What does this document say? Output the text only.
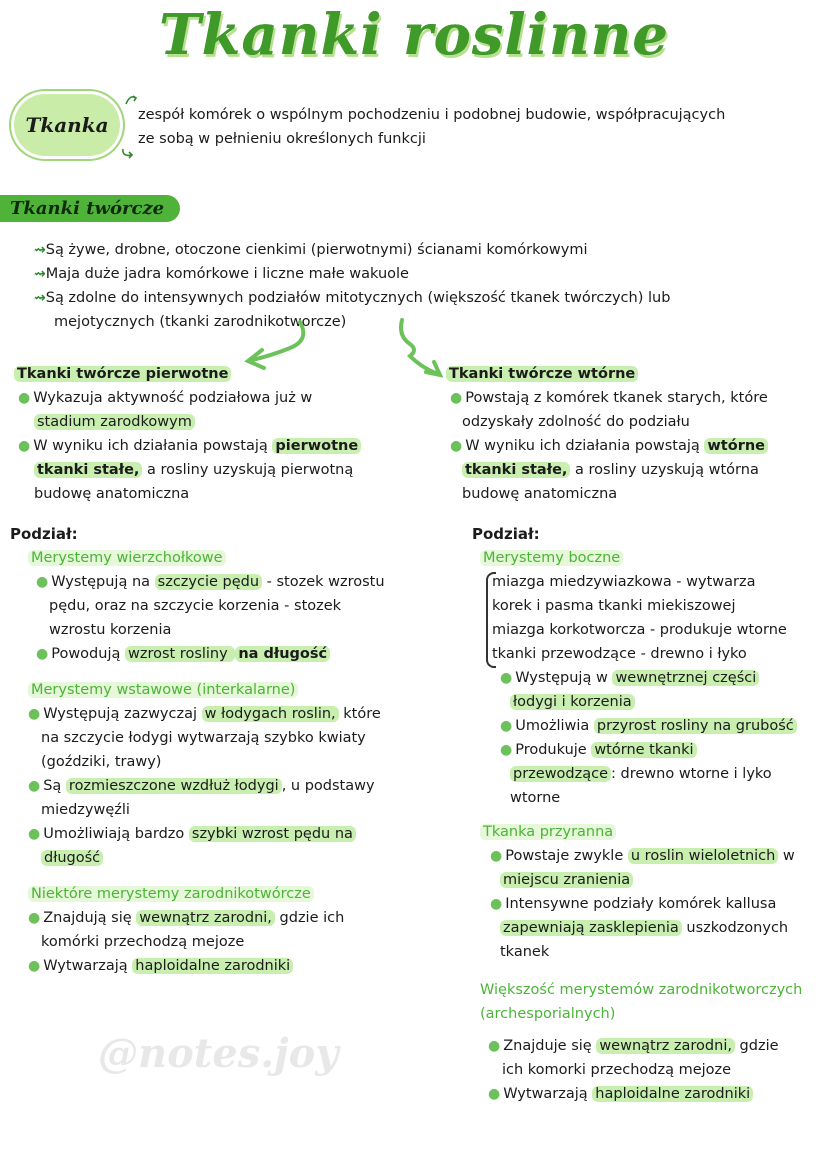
Tkanki roslinne
Tkanka	zespół komórek o wspólnym pochodzeniu i podobnej budowie, współpracujących
ze sobą w pełnieniu określonych funkcji
Tkanki twórcze
⇝Są żywe, drobne, otoczone cienkimi (pierwotnymi) ścianami komórkowymi
⇝Maja duże jadra komórkowe i liczne małe wakuole
⇝Są zdolne do intensywnych podziałów mitotycznych (większość tkanek twórczych) lub
mejotycznych (tkanki zarodnikotworcze)
Tkanki twórcze pierwotne
● Wykazuja aktywność podziałowa już w
stadium zarodkowym
● W wyniku ich działania powstają pierwotne
tkanki stałe, a rosliny uzyskują pierwotną
budowę anatomiczna
Podział:
Merystemy wierzchołkowe
● Występują na szczycie pędu - stozek wzrostu
pędu, oraz na szczycie korzenia - stozek
wzrostu korzenia
● Powodują wzrost rosliny na długość
Merystemy wstawowe (interkalarne)
● Występują zazwyczaj w łodygach roslin, które
na szczycie łodygi wytwarzają szybko kwiaty
(goździki, trawy)
● Są rozmieszczone wzdłuż łodygi , u podstawy
miedzywęźli
● Umożliwiają bardzo szybki wzrost pędu na
długość
Niektóre merystemy zarodnikotwórcze
● Znajdują się wewnątrz zarodni, gdzie ich
komórki przechodzą mejoze
● Wytwarzają haploidalne zarodniki
Tkanki twórcze wtórne
● Powstają z komórek tkanek starych, które
odzyskały zdolność do podziału
● W wyniku ich działania powstają wtórne
tkanki stałe, a rosliny uzyskują wtórna
budowę anatomiczna
Podział:
Merystemy boczne
miazga miedzywiazkowa - wytwarza
korek i pasma tkanki miekiszowej
miazga korkotworcza - produkuje wtorne
tkanki przewodzące - drewno i łyko
● Występują w wewnętrznej części
łodygi i korzenia
● Umożliwia przyrost rosliny na grubość
● Produkuje wtórne tkanki
przewodzące : drewno wtorne i lyko
wtorne
Tkanka przyranna
● Powstaje zwykle u roslin wieloletnich w
miejscu zranienia
● Intensywne podziały komórek kallusa
zapewniają zasklepienia uszkodzonych
tkanek
Większość merystemów zarodnikotworczych
(archesporialnych)
● Znajduje się wewnątrz zarodni, gdzie
ich komorki przechodzą mejoze
● Wytwarzają haploidalne zarodniki
@notes.joy
